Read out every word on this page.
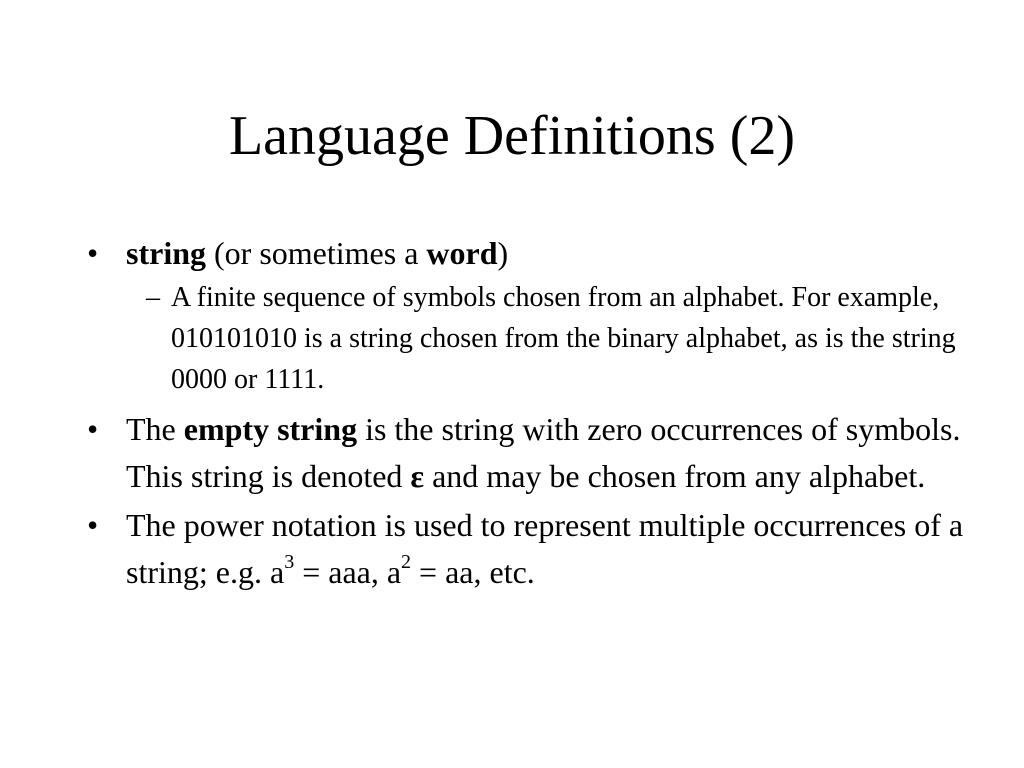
Language Definitions (2)
• string (or sometimes a word)
– A finite sequence of symbols chosen from an alphabet. For example, 010101010 is a string chosen from the binary alphabet, as is the string 0000 or 1111.
• The empty string is the string with zero occurrences of symbols. This string is denoted ε and may be chosen from any alphabet.
• The power notation is used to represent multiple occurrences of a string; e.g. $a^3$ = aaa, $a^2$ = aa, etc.
